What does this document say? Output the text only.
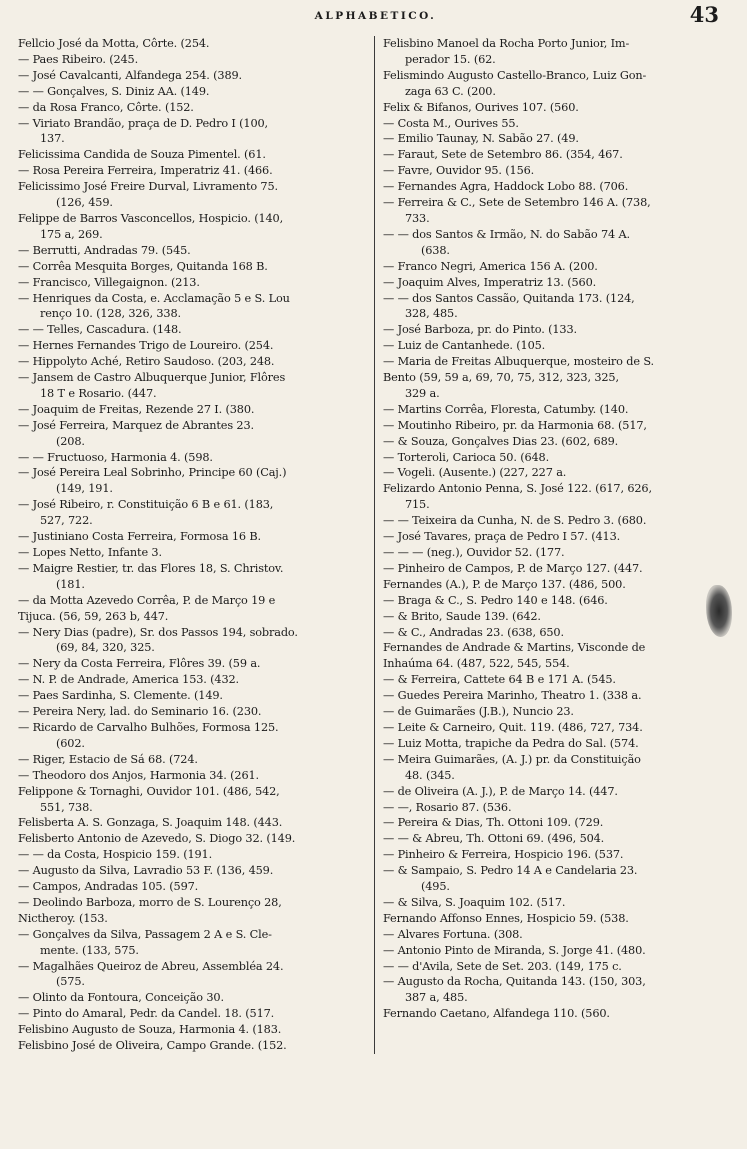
ALPHABETICO.	43

Fellcio José da Motta, Côrte. (254.

— Paes Ribeiro. (245.

— José Cavalcanti, Alfandega 254. (389.

— — Gonçalves, S. Diniz AA. (149.

— da Rosa Franco, Côrte. (152.

— Viriato Brandão, praça de D. Pedro I (100,

137.

Felicissima Candida de Souza Pimentel. (61.

— Rosa Pereira Ferreira, Imperatriz 41. (466.

Felicissimo José Freire Durval, Livramento 75.

(126, 459.

Felippe de Barros Vasconcellos, Hospicio. (140,

175 a, 269.

— Berrutti, Andradas 79. (545.

— Corrêa Mesquita Borges, Quitanda 168 B.

— Francisco, Villegaignon. (213.

— Henriques da Costa, e. Acclamação 5 e S. Lou

renço 10. (128, 326, 338.

— — Telles, Cascadura. (148.

— Hernes Fernandes Trigo de Loureiro. (254.

— Hippolyto Aché, Retiro Saudoso. (203, 248.

— Jansem de Castro Albuquerque Junior, Flôres

18 T e Rosario. (447.

— Joaquim de Freitas, Rezende 27 I. (380.

— José Ferreira, Marquez de Abrantes 23.

(208.

— — Fructuoso, Harmonia 4. (598.

— José Pereira Leal Sobrinho, Principe 60 (Caj.)

(149, 191.

— José Ribeiro, r. Constituição 6 B e 61. (183,

527, 722.

— Justiniano Costa Ferreira, Formosa 16 B.

— Lopes Netto, Infante 3.

— Maigre Restier, tr. das Flores 18, S. Christov.

(181.

— da Motta Azevedo Corrêa, P. de Março 19 e

Tijuca. (56, 59, 263 b, 447.

— Nery Dias (padre), Sr. dos Passos 194, sobrado.

(69, 84, 320, 325.

— Nery da Costa Ferreira, Flôres 39. (59 a.

— N. P. de Andrade, America 153. (432.

— Paes Sardinha, S. Clemente. (149.

— Pereira Nery, lad. do Seminario 16. (230.

— Ricardo de Carvalho Bulhões, Formosa 125.

(602.

— Riger, Estacio de Sá 68. (724.

— Theodoro dos Anjos, Harmonia 34. (261.

Felippone & Tornaghi, Ouvidor 101. (486, 542,

551, 738.

Felisberta A. S. Gonzaga, S. Joaquim 148. (443.

Felisberto Antonio de Azevedo, S. Diogo 32. (149.

— — da Costa, Hospicio 159. (191.

— Augusto da Silva, Lavradio 53 F. (136, 459.

— Campos, Andradas 105. (597.

— Deolindo Barboza, morro de S. Lourenço 28,

Nictheroy. (153.

— Gonçalves da Silva, Passagem 2 A e S. Cle-

mente. (133, 575.

— Magalhães Queiroz de Abreu, Assembléa 24.

(575.

— Olinto da Fontoura, Conceição 30.

— Pinto do Amaral, Pedr. da Candel. 18. (517.

Felisbino Augusto de Souza, Harmonia 4. (183.

Felisbino José de Oliveira, Campo Grande. (152.

Felisbino Manoel da Rocha Porto Junior, Im-

perador 15. (62.

Felismindo Augusto Castello-Branco, Luiz Gon-

zaga 63 C. (200.

Felix & Bifanos, Ourives 107. (560.

— Costa M., Ourives 55.

— Emilio Taunay, N. Sabão 27. (49.

— Faraut, Sete de Setembro 86. (354, 467.

— Favre, Ouvidor 95. (156.

— Fernandes Agra, Haddock Lobo 88. (706.

— Ferreira & C., Sete de Setembro 146 A. (738,

733.

— — dos Santos & Irmão, N. do Sabão 74 A.

(638.

— Franco Negri, America 156 A. (200.

— Joaquim Alves, Imperatriz 13. (560.

— — dos Santos Cassão, Quitanda 173. (124,

328, 485.

— José Barboza, pr. do Pinto. (133.

— Luiz de Cantanhede. (105.

— Maria de Freitas Albuquerque, mosteiro de S.

Bento (59, 59 a, 69, 70, 75, 312, 323, 325,

329 a.

— Martins Corrêa, Floresta, Catumby. (140.

— Moutinho Ribeiro, pr. da Harmonia 68. (517,

— & Souza, Gonçalves Dias 23. (602, 689.

— Torteroli, Carioca 50. (648.

— Vogeli. (Ausente.) (227, 227 a.

Felizardo Antonio Penna, S. José 122. (617, 626,

715.

— — Teixeira da Cunha, N. de S. Pedro 3. (680.

— José Tavares, praça de Pedro I 57. (413.

— — — (neg.), Ouvidor 52. (177.

— Pinheiro de Campos, P. de Março 127. (447.

Fernandes (A.), P. de Março 137. (486, 500.

— Braga & C., S. Pedro 140 e 148. (646.

— & Brito, Saude 139. (642.

— & C., Andradas 23. (638, 650.

Fernandes de Andrade & Martins, Visconde de

Inhaúma 64. (487, 522, 545, 554.

— & Ferreira, Cattete 64 B e 171 A. (545.

— Guedes Pereira Marinho, Theatro 1. (338 a.

— de Guimarães (J.B.), Nuncio 23.

— Leite & Carneiro, Quit. 119. (486, 727, 734.

— Luiz Motta, trapiche da Pedra do Sal. (574.

— Meira Guimarães, (A. J.) pr. da Constituição

48. (345.

— de Oliveira (A. J.), P. de Março 14. (447.

— —, Rosario 87. (536.

— Pereira & Dias, Th. Ottoni 109. (729.

— — & Abreu, Th. Ottoni 69. (496, 504.

— Pinheiro & Ferreira, Hospicio 196. (537.

— & Sampaio, S. Pedro 14 A e Candelaria 23.

(495.

— & Silva, S. Joaquim 102. (517.

Fernando Affonso Ennes, Hospicio 59. (538.

— Alvares Fortuna. (308.

— Antonio Pinto de Miranda, S. Jorge 41. (480.

— — d'Avila, Sete de Set. 203. (149, 175 c.

— Augusto da Rocha, Quitanda 143. (150, 303,

387 a, 485.

Fernando Caetano, Alfandega 110. (560.
